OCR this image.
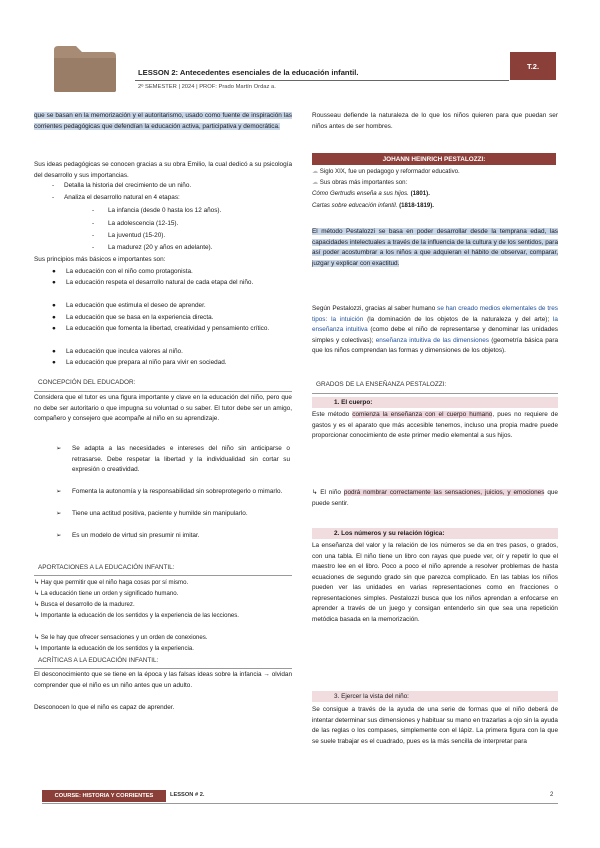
LESSON 2: Antecedentes esenciales de la educación infantil.
2º SEMESTER | 2024 | PROF: Prado Martín Ordaz a.
T.2.
que se basan en la memorización y el autoritarismo, usado como fuente de inspiración las corrientes pedagógicas que defendían la educación activa, participativa y democrática.
Sus ideas pedagógicas se conocen gracias a su obra Emilio, la cual dedicó a su psicología del desarrollo y sus importancias.
- Detalla la historia del crecimiento de un niño.
- Analiza el desarrollo natural en 4 etapas:
- La infancia (desde 0 hasta los 12 años).
- La adolescencia (12-15).
- La juventud (15-20).
- La madurez (20 y años en adelante).
Sus principios más básicos e importantes son:
● La educación con el niño como protagonista.
● La educación respeta el desarrollo natural de cada etapa del niño.
● La educación que estimula el deseo de aprender.
● La educación que se basa en la experiencia directa.
● La educación que fomenta la libertad, creatividad y pensamiento crítico.
● La educación que inculca valores al niño.
● La educación que prepara al niño para vivir en sociedad.
CONCEPCIÓN DEL EDUCADOR:
Considera que el tutor es una figura importante y clave en la educación del niño, pero que no debe ser autoritario o que impugna su voluntad o su saber. El tutor debe ser un amigo, compañero y consejero que acompañe al niño en su aprendizaje.
➢ Se adapta a las necesidades e intereses del niño sin anticiparse o retrasarse. Debe respetar la libertad y la individualidad sin cortar su expresión o creatividad.
➢ Fomenta la autonomía y la responsabilidad sin sobreprotegerlo o mimarlo.
➢ Tiene una actitud positiva, paciente y humilde sin manipularlo.
➢ Es un modelo de virtud sin presumir ni imitar.
APORTACIONES A LA EDUCACIÓN INFANTIL:
↳ Hay que permitir que el niño haga cosas por sí mismo.
↳ La educación tiene un orden y significado humano.
↳ Busca el desarrollo de la madurez.
↳ Importante la educación de los sentidos y la experiencia de las lecciones.
↳ Se le hay que ofrecer sensaciones y un orden de conexiones.
↳ Importante la educación de los sentidos y la experiencia.
ACRÍTICAS A LA EDUCACIÓN INFANTIL:
El desconocimiento que se tiene en la época y las falsas ideas sobre la infancia → olvidan comprender que el niño es un niño antes que un adulto.
Desconocen lo que el niño es capaz de aprender.
Rousseau defiende la naturaleza de lo que los niños quieren para que puedan ser niños antes de ser hombres.
JOHANN HEINRICH PESTALOZZI:
☁ Siglo XIX, fue un pedagogo y reformador educativo.
☁ Sus obras más importantes son:
Cómo Gertrudis enseña a sus hijos. (1801).
Cartas sobre educación infantil. (1818-1819).
El método Pestalozzi se basa en poder desarrollar desde la temprana edad, las capacidades intelectuales a través de la influencia de la cultura y de los sentidos, para así poder acostumbrar a los niños a que adquieran el hábito de observar, comparar, juzgar y explicar con exactitud.
Según Pestalozzi, gracias al saber humano se han creado medios elementales de tres tipos: la intuición (la dominación de los objetos de la naturaleza y del arte); la enseñanza intuitiva (como debe el niño de representarse y denominar las unidades simples y colectivas); enseñanza intuitiva de las dimensiones (geometría básica para que los niños comprendan las formas y dimensiones de los objetos).
GRADOS DE LA ENSEÑANZA PESTALOZZI:
1. El cuerpo:
Este método comienza la enseñanza con el cuerpo humano, pues no requiere de gastos y es el aparato que más accesible tenemos, incluso una propia madre puede proporcionar conocimiento de este primer medio elemental a sus hijos.
↳ El niño podrá nombrar correctamente las sensaciones, juicios, y emociones que puede sentir.
2. Los números y su relación lógica:
La enseñanza del valor y la relación de los números se da en tres pasos, o grados, con una tabla. El niño tiene un libro con rayas que puede ver, oír y repetir lo que el maestro lee en el libro. Poco a poco el niño aprende a resolver problemas de hasta ecuaciones de segundo grado sin que parezca complicado. En las tablas los niños pueden ver las unidades en varias representaciones como en fracciones o representaciones simples. Pestalozzi busca que los niños aprendan a enfocarse en aprender a través de un juego y consigan entenderlo sin que sea una repetición metódica basada en la memorización.
3. Ejercer la vista del niño:
Se consigue a través de la ayuda de una serie de formas que el niño deberá de intentar determinar sus dimensiones y habituar su mano en trazarlas a ojo sin la ayuda de las reglas o los compases, simplemente con el lápiz. La primera figura con la que se suele trabajar es el cuadrado, pues es la más sencilla de interpretar para
COURSE: HISTORIA Y CORRIENTES	LESSON # 2.	2
